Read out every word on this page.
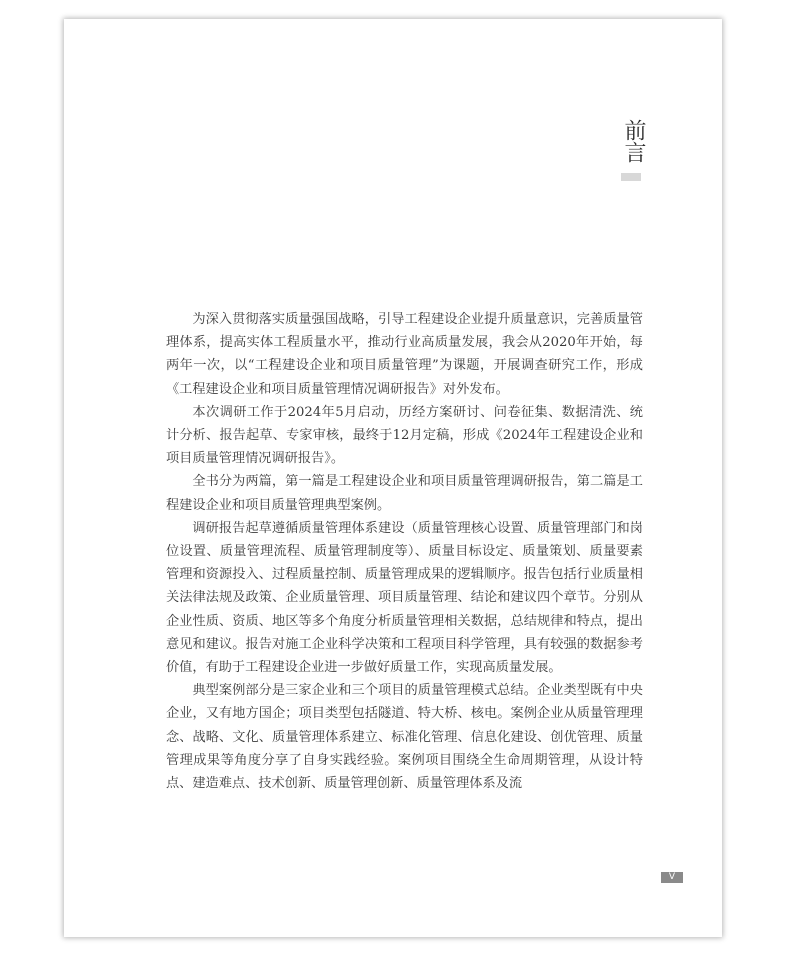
前言

为深入贯彻落实质量强国战略，引导工程建设企业提升质量意识，完善质量管理体系，提高实体工程质量水平，推动行业高质量发展，我会从2020年开始，每两年一次，以“工程建设企业和项目质量管理”为课题，开展调查研究工作，形成《工程建设企业和项目质量管理情况调研报告》对外发布。

本次调研工作于2024年5月启动，历经方案研讨、问卷征集、数据清洗、统计分析、报告起草、专家审核，最终于12月定稿，形成《2024年工程建设企业和项目质量管理情况调研报告》。

全书分为两篇，第一篇是工程建设企业和项目质量管理调研报告，第二篇是工程建设企业和项目质量管理典型案例。

调研报告起草遵循质量管理体系建设（质量管理核心设置、质量管理部门和岗位设置、质量管理流程、质量管理制度等）、质量目标设定、质量策划、质量要素管理和资源投入、过程质量控制、质量管理成果的逻辑顺序。报告包括行业质量相关法律法规及政策、企业质量管理、项目质量管理、结论和建议四个章节。分别从企业性质、资质、地区等多个角度分析质量管理相关数据，总结规律和特点，提出意见和建议。报告对施工企业科学决策和工程项目科学管理，具有较强的数据参考价值，有助于工程建设企业进一步做好质量工作，实现高质量发展。

典型案例部分是三家企业和三个项目的质量管理模式总结。企业类型既有中央企业，又有地方国企；项目类型包括隧道、特大桥、核电。案例企业从质量管理理念、战略、文化、质量管理体系建立、标准化管理、信息化建设、创优管理、质量管理成果等角度分享了自身实践经验。案例项目围绕全生命周期管理，从设计特点、建造难点、技术创新、质量管理创新、质量管理体系及流

V
